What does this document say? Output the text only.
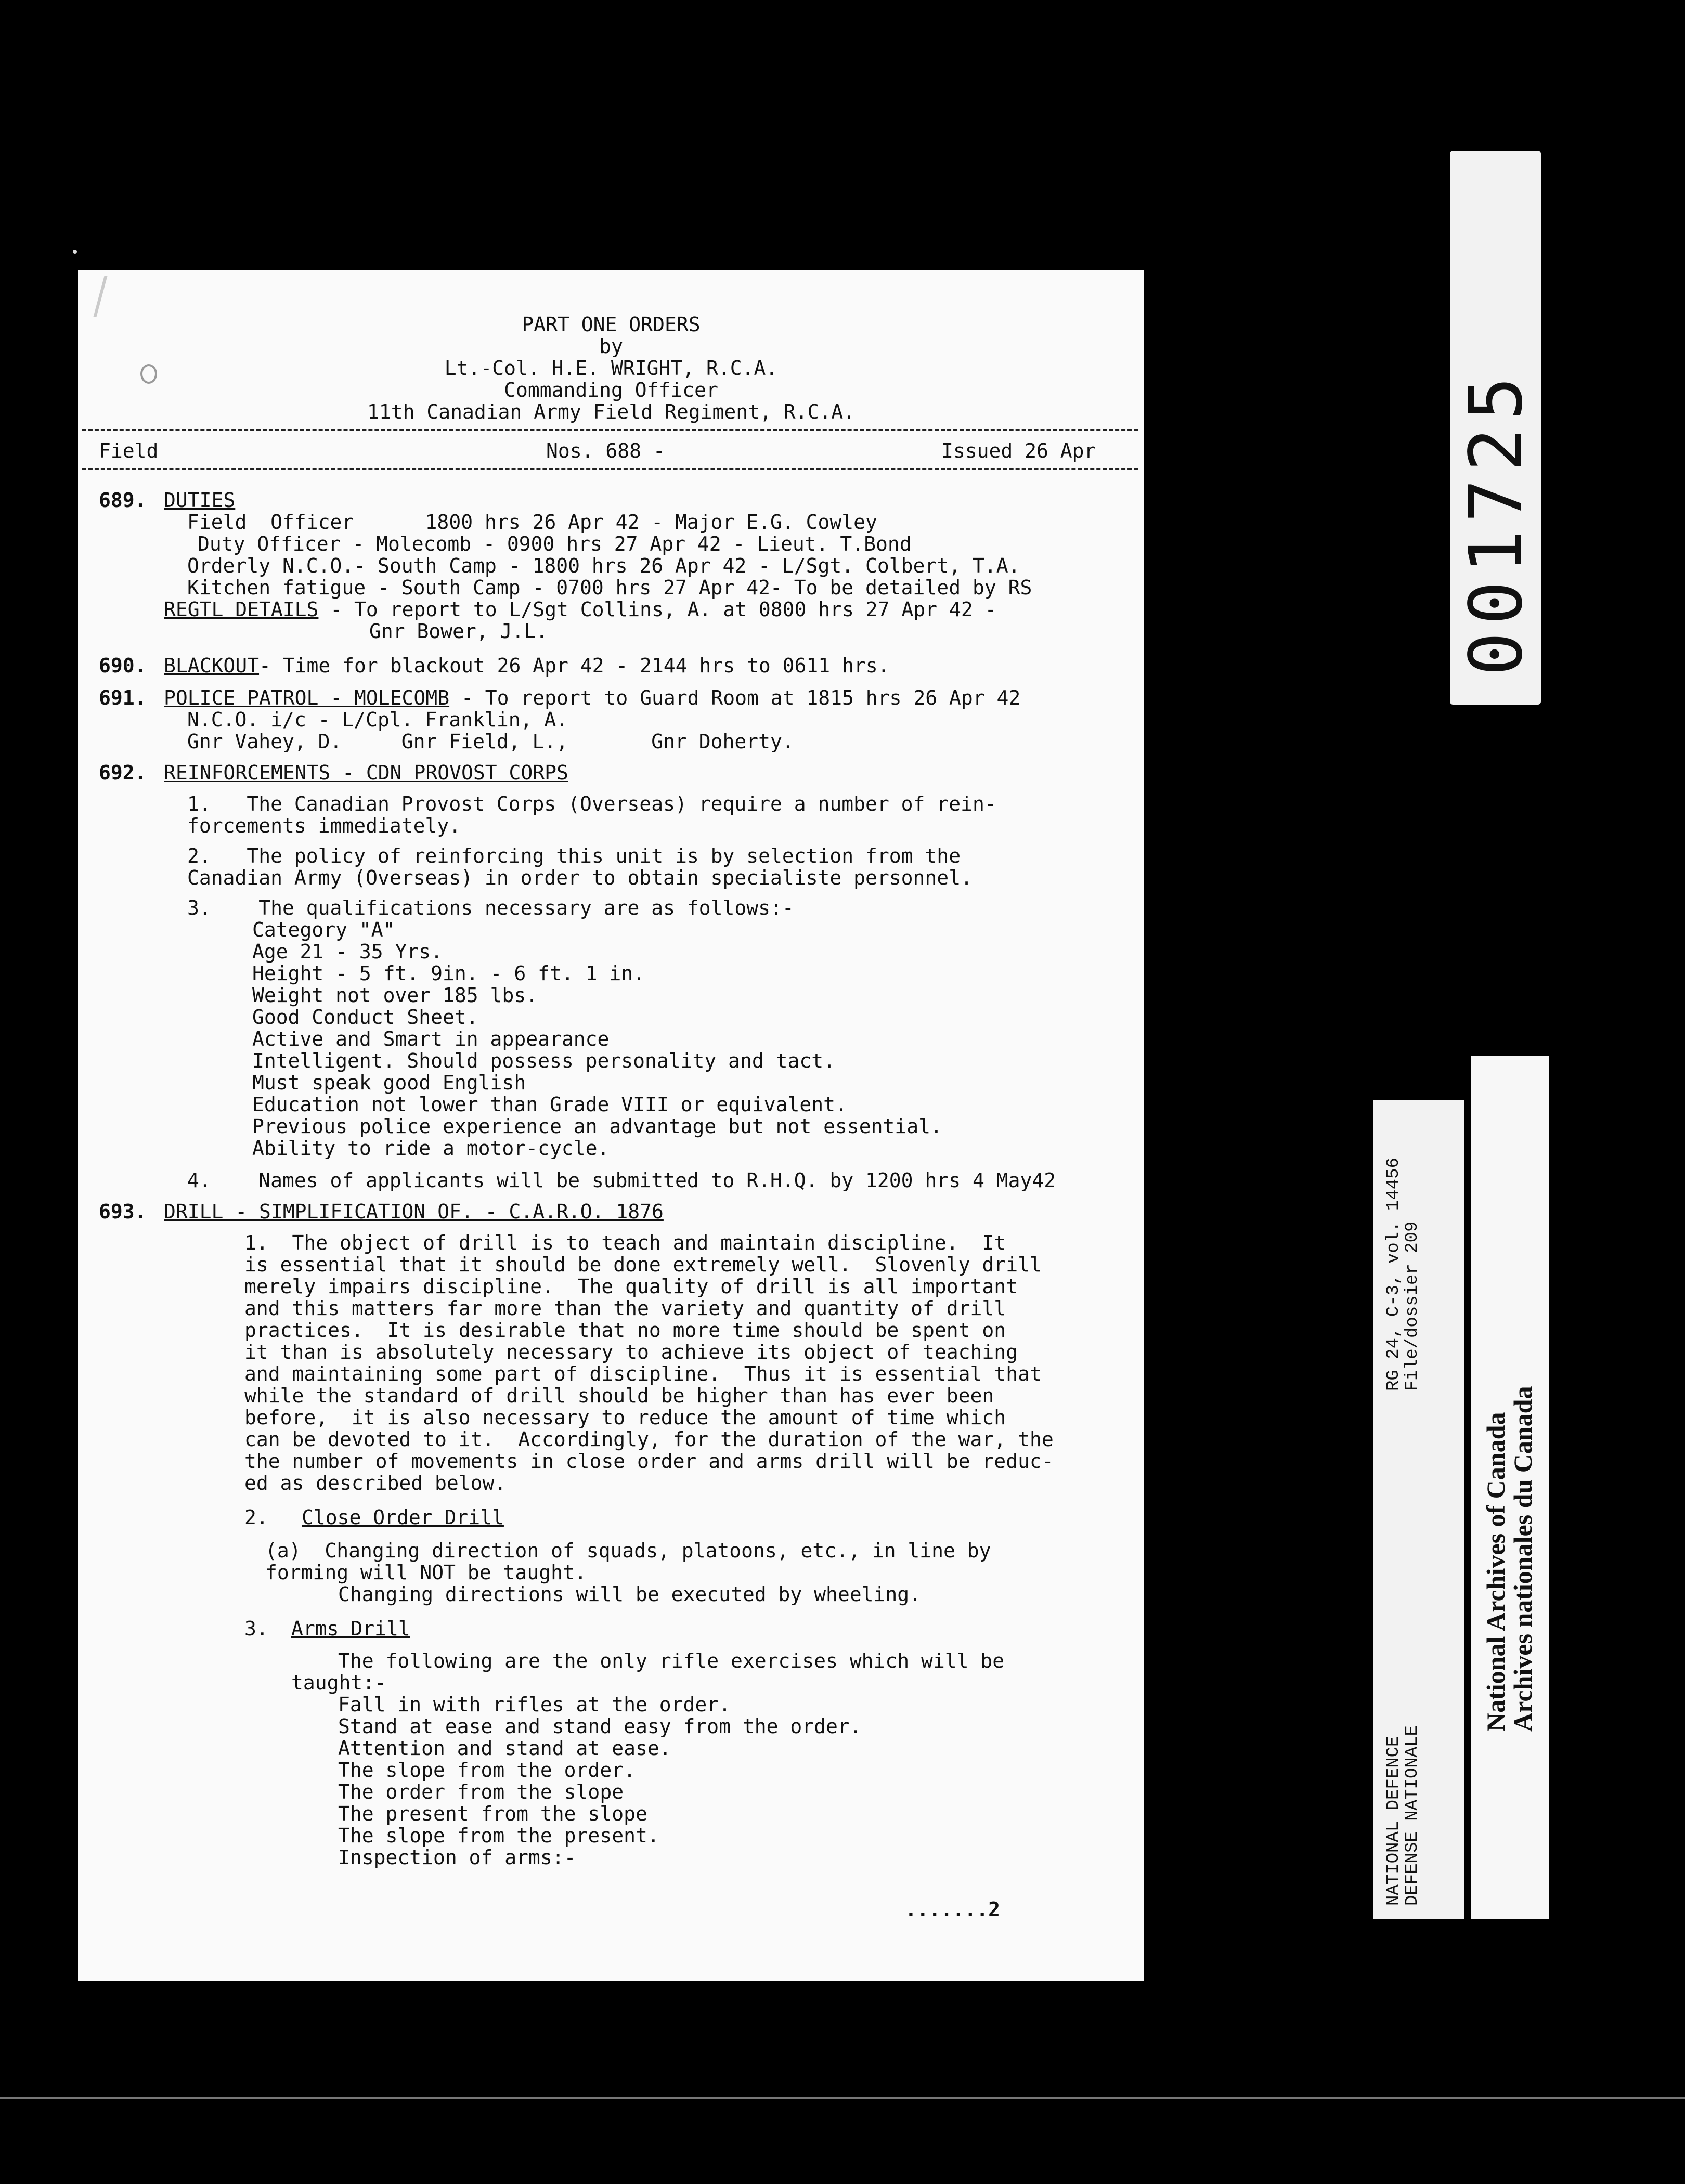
PART ONE ORDERS
by
Lt.-Col. H.E. WRIGHT, R.C.A.
Commanding Officer
11th Canadian Army Field Regiment, R.C.A.
Field	Nos. 688 -	Issued 26 Apr
689. DUTIES
Field  Officer      1800 hrs 26 Apr 42 - Major E.G. Cowley
Duty Officer - Molecomb - 0900 hrs 27 Apr 42 - Lieut. T.Bond
Orderly N.C.O.- South Camp - 1800 hrs 26 Apr 42 - L/Sgt. Colbert, T.A.
Kitchen fatigue - South Camp - 0700 hrs 27 Apr 42- To be detailed by RS
REGTL DETAILS - To report to L/Sgt Collins, A. at 0800 hrs 27 Apr 42 -
Gnr Bower, J.L.
690. BLACKOUT- Time for blackout 26 Apr 42 - 2144 hrs to 0611 hrs.
691. POLICE PATROL - MOLECOMB - To report to Guard Room at 1815 hrs 26 Apr 42
N.C.O. i/c - L/Cpl. Franklin, A.
Gnr Vahey, D.     Gnr Field, L.,       Gnr Doherty.
692. REINFORCEMENTS - CDN PROVOST CORPS
1.   The Canadian Provost Corps (Overseas) require a number of rein-
forcements immediately.
2.   The policy of reinforcing this unit is by selection from the
Canadian Army (Overseas) in order to obtain specialiste personnel.
3.    The qualifications necessary are as follows:-
Category "A"
Age 21 - 35 Yrs.
Height - 5 ft. 9in. - 6 ft. 1 in.
Weight not over 185 lbs.
Good Conduct Sheet.
Active and Smart in appearance
Intelligent. Should possess personality and tact.
Must speak good English
Education not lower than Grade VIII or equivalent.
Previous police experience an advantage but not essential.
Ability to ride a motor-cycle.
4.    Names of applicants will be submitted to R.H.Q. by 1200 hrs 4 May42
693. DRILL - SIMPLIFICATION OF. - C.A.R.O. 1876
1.  The object of drill is to teach and maintain discipline.  It
is essential that it should be done extremely well.  Slovenly drill
merely impairs discipline.  The quality of drill is all important
and this matters far more than the variety and quantity of drill
practices.  It is desirable that no more time should be spent on
it than is absolutely necessary to achieve its object of teaching
and maintaining some part of discipline.  Thus it is essential that
while the standard of drill should be higher than has ever been
before,  it is also necessary to reduce the amount of time which
can be devoted to it.  Accordingly, for the duration of the war, the
the number of movements in close order and arms drill will be reduc-
ed as described below.
2. Close Order Drill
(a)  Changing direction of squads, platoons, etc., in line by
forming will NOT be taught.
Changing directions will be executed by wheeling.
3. Arms Drill
The following are the only rifle exercises which will be
taught:-
Fall in with rifles at the order.
Stand at ease and stand easy from the order.
Attention and stand at ease.
The slope from the order.
The order from the slope
The present from the slope
The slope from the present.
Inspection of arms:-
.......2
001725
RG 24, C-3, vol. 14456
File/dossier 209
NATIONAL DEFENCE
DEFENSE NATIONALE
National Archives of Canada
Archives nationales du Canada
